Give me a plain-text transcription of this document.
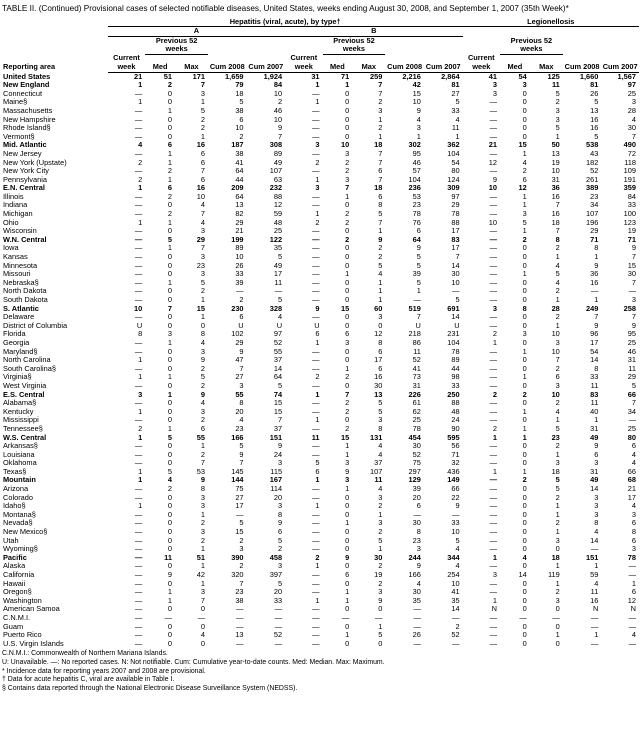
TABLE II. (Continued) Provisional cases of selected notifiable diseases, United States, weeks ending August 30, 2008, and September 1, 2007 (35th Week)*
Reporting area	Hepatitis (viral, acute), by type†										Legionellosis				
	A					B									
		Previous 52 weeks					Previous 52 weeks					Previous 52 weeks			
	Current week	Med	Max	Cum 2008	Cum 2007	Current week	Med	Max	Cum 2008	Cum 2007	Current week	Med	Max	Cum 2008	Cum 2007
United States	21	51	171	1,659	1,924	31	71	259	2,216	2,864	41	54	125	1,660	1,567
New England	1	2	7	79	84	1	1	7	42	81	3	3	11	81	97
Connecticut	—	0	3	18	10	—	0	7	15	27	3	0	5	26	25
Maine§	1	0	1	5	2	1	0	2	10	5	—	0	2	5	3
Massachusetts	—	1	5	38	46	—	0	3	9	33	—	0	3	13	28
New Hampshire	—	0	2	6	10	—	0	1	4	4	—	0	3	16	4
Rhode Island§	—	0	2	10	9	—	0	2	3	11	—	0	5	16	30
Vermont§	—	0	1	2	7	—	0	1	1	1	—	0	1	5	7
Mid. Atlantic	4	6	16	187	308	3	10	18	302	362	21	15	50	538	490
New Jersey	—	1	6	38	89	—	3	7	95	104	—	1	13	43	72
New York (Upstate)	2	1	6	41	49	2	2	7	46	54	12	4	19	182	118
New York City	—	2	7	64	107	—	2	6	57	80	—	2	10	52	109
Pennsylvania	2	1	6	44	63	1	3	7	104	124	9	6	31	261	191
E.N. Central	1	6	16	209	232	3	7	18	236	309	10	12	36	389	359
Illinois	—	2	10	64	88	—	1	6	53	97	—	1	16	23	84
Indiana	—	0	4	13	12	—	0	8	23	29	—	1	7	34	33
Michigan	—	2	7	82	59	1	2	5	78	78	—	3	16	107	100
Ohio	1	1	4	29	48	2	2	7	76	88	10	5	18	196	123
Wisconsin	—	0	3	21	25	—	0	1	6	17	—	1	7	29	19
W.N. Central	—	5	29	199	122	—	2	9	64	83	—	2	8	71	71
Iowa	—	1	7	89	35	—	0	2	9	17	—	0	2	8	9
Kansas	—	0	3	10	5	—	0	2	5	7	—	0	1	1	7
Minnesota	—	0	23	26	49	—	0	5	5	14	—	0	4	9	15
Missouri	—	0	3	33	17	—	1	4	39	30	—	1	5	36	30
Nebraska§	—	1	5	39	11	—	0	1	5	10	—	0	4	16	7
North Dakota	—	0	2	—	—	—	0	1	1	—	—	0	2	—	—
South Dakota	—	0	1	2	5	—	0	1	—	5	—	0	1	1	3
S. Atlantic	10	7	15	230	328	9	15	60	519	691	3	8	28	249	258
Delaware	—	0	1	6	4	—	0	3	7	14	—	0	2	7	7
District of Columbia	U	0	0	U	U	U	0	0	U	U	—	0	1	9	9
Florida	8	3	8	102	97	6	6	12	218	231	2	3	10	96	95
Georgia	—	1	4	29	52	1	3	8	86	104	1	0	3	17	25
Maryland§	—	0	3	9	55	—	0	6	11	78	—	1	10	54	46
North Carolina	1	0	9	47	37	—	0	17	52	89	—	0	7	14	31
South Carolina§	—	0	2	7	14	—	1	6	41	44	—	0	2	8	11
Virginia§	1	1	5	27	64	2	2	16	73	98	—	1	6	33	29
West Virginia	—	0	2	3	5	—	0	30	31	33	—	0	3	11	5
E.S. Central	3	1	9	55	74	1	7	13	226	250	2	2	10	83	66
Alabama§	—	0	4	8	15	—	2	5	61	88	—	0	2	11	7
Kentucky	1	0	3	20	15	—	2	5	62	48	—	1	4	40	34
Mississippi	—	0	2	4	7	1	0	3	25	24	—	0	1	1	—
Tennessee§	2	1	6	23	37	—	2	8	78	90	2	1	5	31	25
W.S. Central	1	5	55	166	151	11	15	131	454	595	1	1	23	49	80
Arkansas§	—	0	1	5	9	—	1	4	30	56	—	0	2	9	6
Louisiana	—	0	2	9	24	—	1	4	52	71	—	0	1	6	4
Oklahoma	—	0	7	7	3	5	3	37	75	32	—	0	3	3	4
Texas§	1	5	53	145	115	6	9	107	297	436	1	1	18	31	66
Mountain	1	4	9	144	167	1	3	11	129	149	—	2	5	49	68
Arizona	—	2	8	75	114	—	1	4	39	66	—	0	5	14	21
Colorado	—	0	3	27	20	—	0	3	20	22	—	0	2	3	17
Idaho§	1	0	3	17	3	1	0	2	6	9	—	0	1	3	4
Montana§	—	0	1	—	8	—	0	1	—	—	—	0	1	3	3
Nevada§	—	0	2	5	9	—	1	3	30	33	—	0	2	8	6
New Mexico§	—	0	3	15	6	—	0	2	8	10	—	0	1	4	8
Utah	—	0	2	2	5	—	0	5	23	5	—	0	3	14	6
Wyoming§	—	0	1	3	2	—	0	1	3	4	—	0	0	—	3
Pacific	—	11	51	390	458	2	9	30	244	344	1	4	18	151	78
Alaska	—	0	1	2	3	1	0	2	9	4	—	0	1	1	—
California	—	9	42	320	397	—	6	19	166	254	3	14	119	59	—
Hawaii	—	0	1	7	5	—	0	2	4	10	—	0	1	4	1
Oregon§	—	1	3	23	20	—	1	3	30	41	—	0	2	11	6
Washington	—	1	7	38	33	1	1	9	35	35	1	0	3	16	12
American Samoa	—	0	0	—	—	—	0	0	—	14	N	0	0	N	N
C.N.M.I.	—	—	—	—	—	—	—	—	—	—	—	—	—	—	—
Guam	—	0	0	—	—	—	0	1	—	2	—	0	0	—	—
Puerto Rico	—	0	4	13	52	—	1	5	26	52	—	0	1	1	4
U.S. Virgin Islands	—	0	0	—	—	—	0	0	—	—	—	0	0	—	—
C.N.M.I.: Commonwealth of Northern Mariana Islands.
U: Unavailable. —: No reported cases. N: Not notifiable. Cum: Cumulative year-to-date counts. Med: Median. Max: Maximum.
* Incidence data for reporting years 2007 and 2008 are provisional.
† Data for acute hepatitis C, viral are available in Table I.
§ Contains data reported through the National Electronic Disease Surveillance System (NEDSS).
